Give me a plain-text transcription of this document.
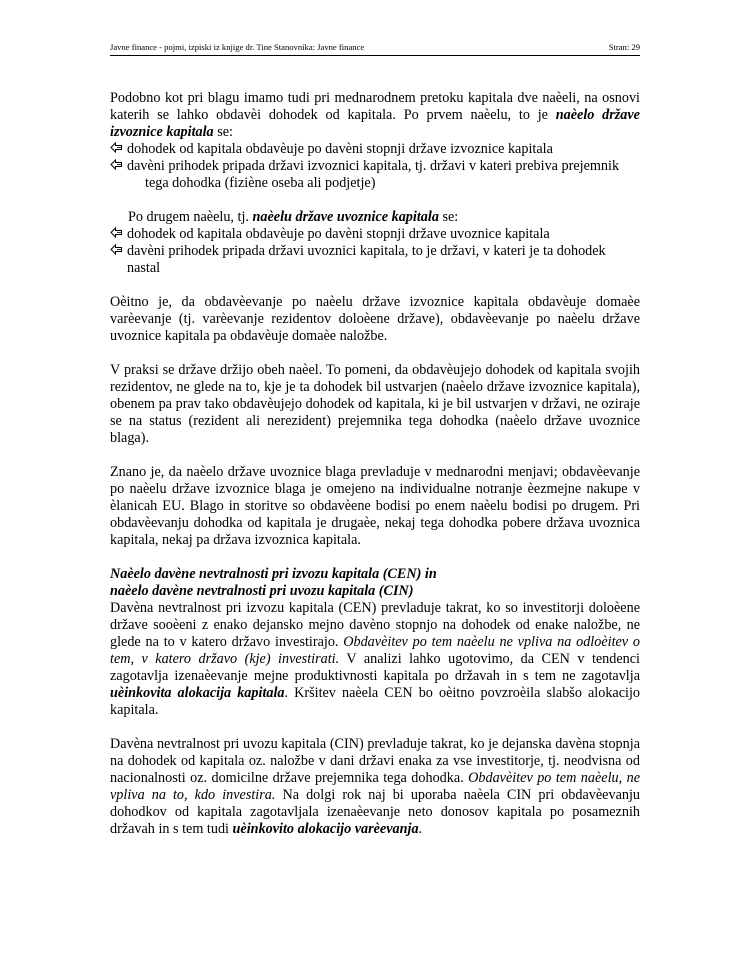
Javne finance - pojmi, izpiski iz knjige dr. Tine Stanovnika: Javne finance	Stran: 29

Podobno kot pri blagu imamo tudi pri mednarodnem pretoku kapitala dve naèeli, na osnovi katerih se lahko obdavèi dohodek od kapitala. Po prvem naèelu, to je naèelo države izvoznice kapitala se:

dohodek od kapitala obdavèuje po davèni stopnji države izvoznice kapitala
davèni prihodek pripada državi izvoznici kapitala, tj. državi v kateri prebiva prejemnik
tega dohodka (fiziène oseba ali podjetje)

Po drugem naèelu, tj. naèelu države uvoznice kapitala se:

dohodek od kapitala obdavèuje po davèni stopnji države uvoznice kapitala
davèni prihodek pripada državi uvoznici kapitala, to je državi, v kateri je ta dohodek
nastal

Oèitno je, da obdavèevanje po naèelu države izvoznice kapitala obdavèuje domaèe varèevanje (tj. varèevanje rezidentov doloèene države), obdavèevanje po naèelu države uvoznice kapitala pa obdavèuje domaèe naložbe.

V praksi se države držijo obeh naèel. To pomeni, da obdavèujejo dohodek od kapitala svojih rezidentov, ne glede na to, kje je ta dohodek bil ustvarjen (naèelo države izvoznice kapitala), obenem pa prav tako obdavèujejo dohodek od kapitala, ki je bil ustvarjen v državi, ne oziraje se na status (rezident ali nerezident) prejemnika tega dohodka (naèelo države uvoznice blaga).

Znano je, da naèelo države uvoznice blaga prevladuje v mednarodni menjavi; obdavèevanje po naèelu države izvoznice blaga je omejeno na individualne notranje èezmejne nakupe v èlanicah EU. Blago in storitve so obdavèene bodisi po enem naèelu bodisi po drugem. Pri obdavèevanju dohodka od kapitala je drugaèe, nekaj tega dohodka pobere država uvoznica kapitala, nekaj pa država izvoznica kapitala.

Naèelo davène nevtralnosti pri izvozu kapitala (CEN) in
naèelo davène nevtralnosti pri uvozu kapitala (CIN)

Davèna nevtralnost pri izvozu kapitala (CEN) prevladuje takrat, ko so investitorji doloèene države sooèeni z enako dejansko mejno davèno stopnjo na dohodek od enake naložbe, ne glede na to v katero državo investirajo. Obdavèitev po tem naèelu ne vpliva na odloèitev o tem, v katero državo (kje) investirati. V analizi lahko ugotovimo, da CEN v tendenci zagotavlja izenaèevanje mejne produktivnosti kapitala po državah in s tem ne zagotavlja uèinkovita alokacija kapitala. Kršitev naèela CEN bo oèitno povzroèila slabšo alokacijo kapitala.

Davèna nevtralnost pri uvozu kapitala (CIN) prevladuje takrat, ko je dejanska davèna stopnja na dohodek od kapitala oz. naložbe v dani državi enaka za vse investitorje, tj. neodvisna od nacionalnosti oz. domicilne države prejemnika tega dohodka. Obdavèitev po tem naèelu, ne vpliva na to, kdo investira. Na dolgi rok naj bi uporaba naèela CIN pri obdavèevanju dohodkov od kapitala zagotavljala izenaèevanje neto donosov kapitala po posameznih državah in s tem tudi uèinkovito alokacijo varèevanja.
